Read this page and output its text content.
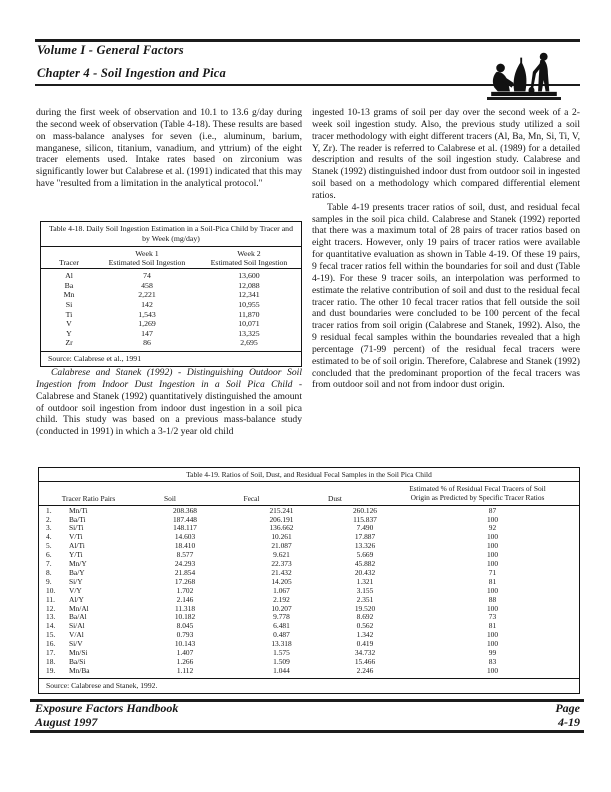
Volume I - General Factors
Chapter 4 - Soil Ingestion and Pica

during the first week of observation and 10.1 to 13.6 g/day during the second week of observation (Table 4-18). These results are based on mass-balance analyses for seven (i.e., aluminum, barium, manganese, silicon, titanium, vanadium, and yttrium) of the eight tracer elements used. Intake rates based on zirconium was significantly lower but Calabrese et al. (1991) indicated that this may have "resulted from a limitation in the analytical protocol."

Table 4-18. Daily Soil Ingestion Estimation in a Soil-Pica Child by Tracer and by Week (mg/day)
Tracer
Week 1
Estimated Soil Ingestion
Week 2
Estimated Soil Ingestion
Al	74	13,600
Ba	458	12,088
Mn	2,221	12,341
Si	142	10,955
Ti	1,543	11,870
V	1,269	10,071
Y	147	13,325
Zr	86	2,695
Source: Calabrese et al., 1991

Calabrese and Stanek (1992) - Distinguishing Outdoor Soil Ingestion from Indoor Dust Ingestion in a Soil Pica Child - Calabrese and Stanek (1992) quantitatively distinguished the amount of outdoor soil ingestion from indoor dust ingestion in a soil pica child. This study was based on a previous mass-balance study (conducted in 1991) in which a 3-1/2 year old child

ingested 10-13 grams of soil per day over the second week of a 2-week soil ingestion study. Also, the previous study utilized a soil tracer methodology with eight different tracers (Al, Ba, Mn, Si, Ti, V, Y, Zr). The reader is referred to Calabrese et al. (1989) for a detailed description and results of the soil ingestion study. Calabrese and Stanek (1992) distinguished indoor dust from outdoor soil in ingested soil based on a methodology which compared differential element ratios.

Table 4-19 presents tracer ratios of soil, dust, and residual fecal samples in the soil pica child. Calabrese and Stanek (1992) reported that there was a maximum total of 28 pairs of tracer ratios based on eight tracers. However, only 19 pairs of tracer ratios were available for quantitative evaluation as shown in Table 4-19. Of these 19 pairs, 9 fecal tracer ratios fell within the boundaries for soil and dust (Table 4-19). For these 9 tracer soils, an interpolation was performed to estimate the relative contribution of soil and dust to the residual fecal tracer ratio. The other 10 fecal tracer ratios that fell outside the soil and dust boundaries were concluded to be 100 percent of the fecal tracer ratios from soil origin (Calabrese and Stanek, 1992). Also, the 9 residual fecal samples within the boundaries revealed that a high percentage (71-99 percent) of the residual fecal tracers were estimated to be of soil origin. Therefore, Calabrese and Stanek (1992) concluded that the predominant proportion of the fecal tracers was from outdoor soil and not from indoor dust origin.

Table 4-19. Ratios of Soil, Dust, and Residual Fecal Samples in the Soil Pica Child
Tracer Ratio Pairs	Soil	Fecal	Dust
Estimated % of Residual Fecal Tracers of Soil
Origin as Predicted by Specific Tracer Ratios
1.	Mn/Ti	208.368	215.241	260.126	87
2.	Ba/Ti	187.448	206.191	115.837	100
3.	Si/Ti	148.117	136.662	7.490	92
4.	V/Ti	14.603	10.261	17.887	100
5.	Al/Ti	18.410	21.087	13.326	100
6.	Y/Ti	8.577	9.621	5.669	100
7.	Mn/Y	24.293	22.373	45.882	100
8.	Ba/Y	21.854	21.432	20.432	71
9.	Si/Y	17.268	14.205	1.321	81
10.	V/Y	1.702	1.067	3.155	100
11.	Al/Y	2.146	2.192	2.351	88
12.	Mn/Al	11.318	10.207	19.520	100
13.	Ba/Al	10.182	9.778	8.692	73
14.	Si/Al	8.045	6.481	0.562	81
15.	V/Al	0.793	0.487	1.342	100
16.	Si/V	10.143	13.318	0.419	100
17.	Mn/Si	1.407	1.575	34.732	99
18.	Ba/Si	1.266	1.509	15.466	83
19.	Mn/Ba	1.112	1.044	2.246	100
Source: Calabrese and Stanek, 1992.
Exposure Factors Handbook
August 1997
Page
4-19
